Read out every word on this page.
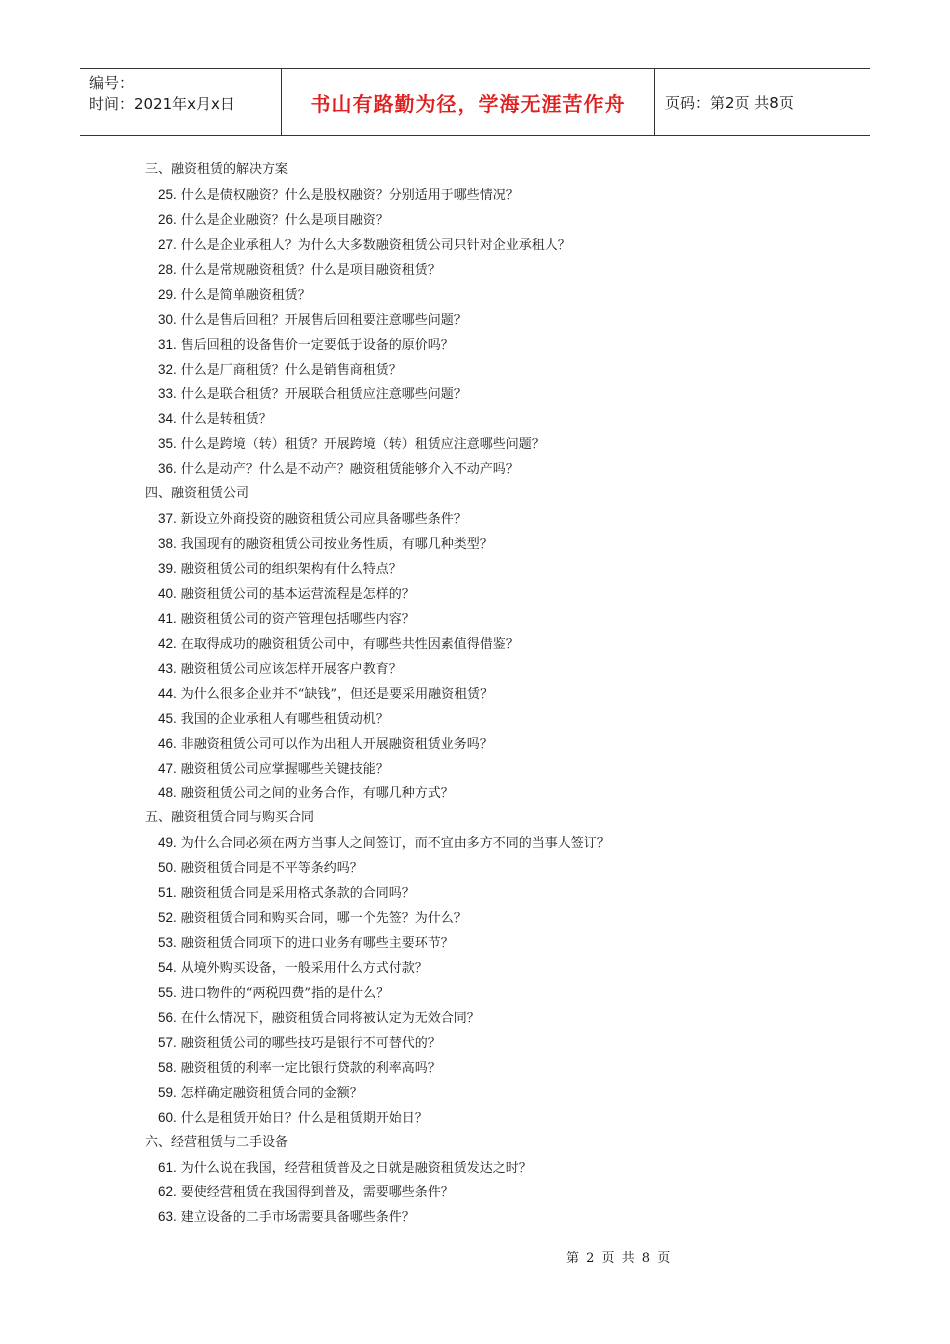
编号：
时间：2021年x月x日	书山有路勤为径，学海无涯苦作舟	页码：第2页 共8页
三、融资租赁的解决方案
25. 什么是债权融资？什么是股权融资？分别适用于哪些情况？
26. 什么是企业融资？什么是项目融资？
27. 什么是企业承租人？为什么大多数融资租赁公司只针对企业承租人？
28. 什么是常规融资租赁？什么是项目融资租赁？
29. 什么是简单融资租赁？
30. 什么是售后回租？开展售后回租要注意哪些问题？
31. 售后回租的设备售价一定要低于设备的原价吗？
32. 什么是厂商租赁？什么是销售商租赁？
33. 什么是联合租赁？开展联合租赁应注意哪些问题？
34. 什么是转租赁？
35. 什么是跨境（转）租赁？开展跨境（转）租赁应注意哪些问题？
36. 什么是动产？什么是不动产？融资租赁能够介入不动产吗？
四、融资租赁公司
37. 新设立外商投资的融资租赁公司应具备哪些条件？
38. 我国现有的融资租赁公司按业务性质，有哪几种类型？
39. 融资租赁公司的组织架构有什么特点？
40. 融资租赁公司的基本运营流程是怎样的？
41. 融资租赁公司的资产管理包括哪些内容？
42. 在取得成功的融资租赁公司中，有哪些共性因素值得借鉴？
43. 融资租赁公司应该怎样开展客户教育？
44. 为什么很多企业并不“缺钱”，但还是要采用融资租赁？
45. 我国的企业承租人有哪些租赁动机？
46. 非融资租赁公司可以作为出租人开展融资租赁业务吗？
47. 融资租赁公司应掌握哪些关键技能？
48. 融资租赁公司之间的业务合作，有哪几种方式？
五、融资租赁合同与购买合同
49. 为什么合同必须在两方当事人之间签订，而不宜由多方不同的当事人签订？
50. 融资租赁合同是不平等条约吗？
51. 融资租赁合同是采用格式条款的合同吗？
52. 融资租赁合同和购买合同，哪一个先签？为什么？
53. 融资租赁合同项下的进口业务有哪些主要环节？
54. 从境外购买设备，一般采用什么方式付款？
55. 进口物件的“两税四费”指的是什么？
56. 在什么情况下，融资租赁合同将被认定为无效合同？
57. 融资租赁公司的哪些技巧是银行不可替代的？
58. 融资租赁的利率一定比银行贷款的利率高吗？
59. 怎样确定融资租赁合同的金额？
60. 什么是租赁开始日？什么是租赁期开始日？
六、经营租赁与二手设备
61. 为什么说在我国，经营租赁普及之日就是融资租赁发达之时？
62. 要使经营租赁在我国得到普及，需要哪些条件？
63. 建立设备的二手市场需要具备哪些条件？
第 2 页 共 8 页
